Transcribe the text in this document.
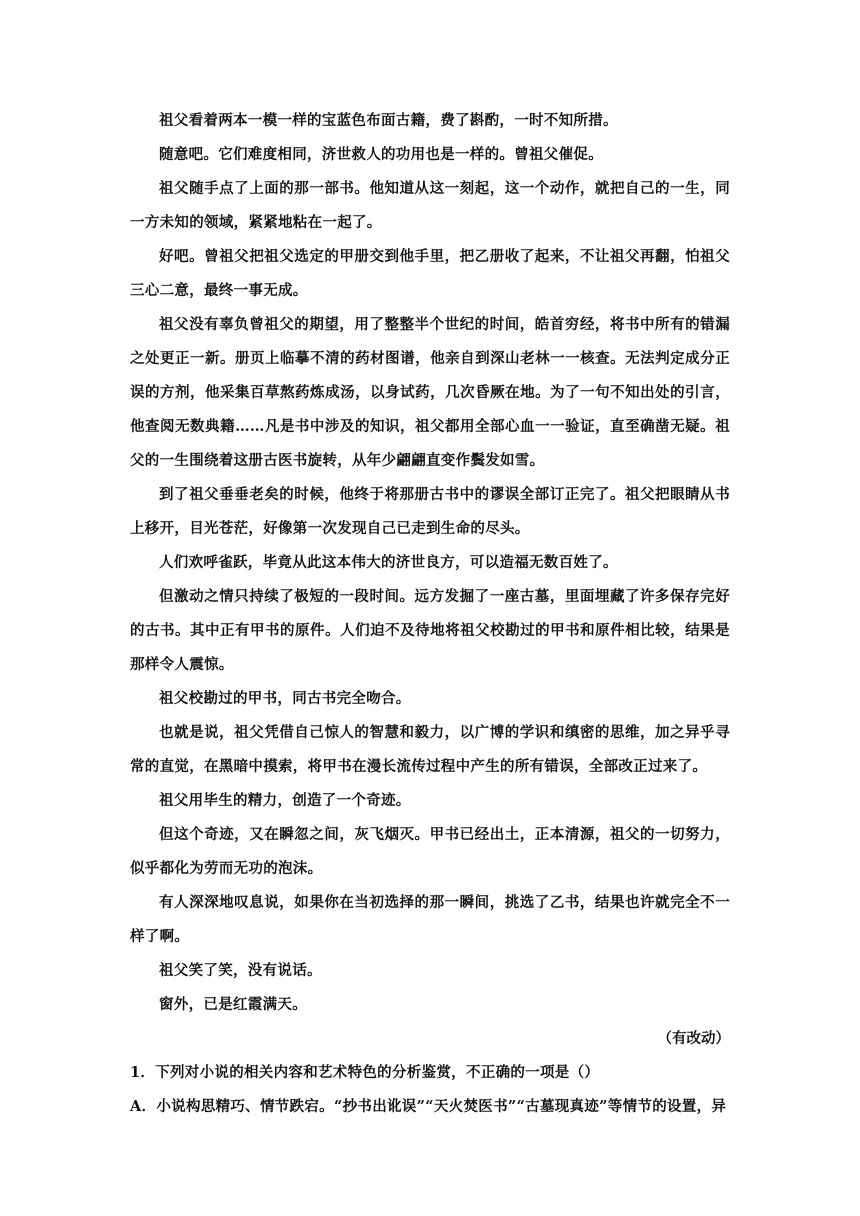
祖父看着两本一模一样的宝蓝色布面古籍，费了斟酌，一时不知所措。

随意吧。它们难度相同，济世救人的功用也是一样的。曾祖父催促。

祖父随手点了上面的那一部书。他知道从这一刻起，这一个动作，就把自己的一生，同一方未知的领域，紧紧地粘在一起了。

好吧。曾祖父把祖父选定的甲册交到他手里，把乙册收了起来，不让祖父再翻，怕祖父三心二意，最终一事无成。

祖父没有辜负曾祖父的期望，用了整整半个世纪的时间，皓首穷经，将书中所有的错漏之处更正一新。册页上临摹不清的药材图谱，他亲自到深山老林一一核查。无法判定成分正误的方剂，他采集百草熬药炼成汤，以身试药，几次昏厥在地。为了一句不知出处的引言，他查阅无数典籍……凡是书中涉及的知识，祖父都用全部心血一一验证，直至确凿无疑。祖父的一生围绕着这册古医书旋转，从年少翩翩直变作鬓发如雪。

到了祖父垂垂老矣的时候，他终于将那册古书中的谬误全部订正完了。祖父把眼睛从书上移开，目光苍茫，好像第一次发现自己已走到生命的尽头。

人们欢呼雀跃，毕竟从此这本伟大的济世良方，可以造福无数百姓了。

但激动之情只持续了极短的一段时间。远方发掘了一座古墓，里面埋藏了许多保存完好的古书。其中正有甲书的原件。人们迫不及待地将祖父校勘过的甲书和原件相比较，结果是那样令人震惊。

祖父校勘过的甲书，同古书完全吻合。

也就是说，祖父凭借自己惊人的智慧和毅力，以广博的学识和缜密的思维，加之异乎寻常的直觉，在黑暗中摸索，将甲书在漫长流传过程中产生的所有错误，全部改正过来了。

祖父用毕生的精力，创造了一个奇迹。

但这个奇迹，又在瞬忽之间，灰飞烟灭。甲书已经出土，正本清源，祖父的一切努力，似乎都化为劳而无功的泡沫。

有人深深地叹息说，如果你在当初选择的那一瞬间，挑选了乙书，结果也许就完全不一样了啊。

祖父笑了笑，没有说话。

窗外，已是红霞满天。

（有改动）

1．下列对小说的相关内容和艺术特色的分析鉴赏，不正确的一项是（）

A．小说构思精巧、情节跌宕。“抄书出讹误”“天火焚医书”“古墓现真迹”等情节的设置，异
